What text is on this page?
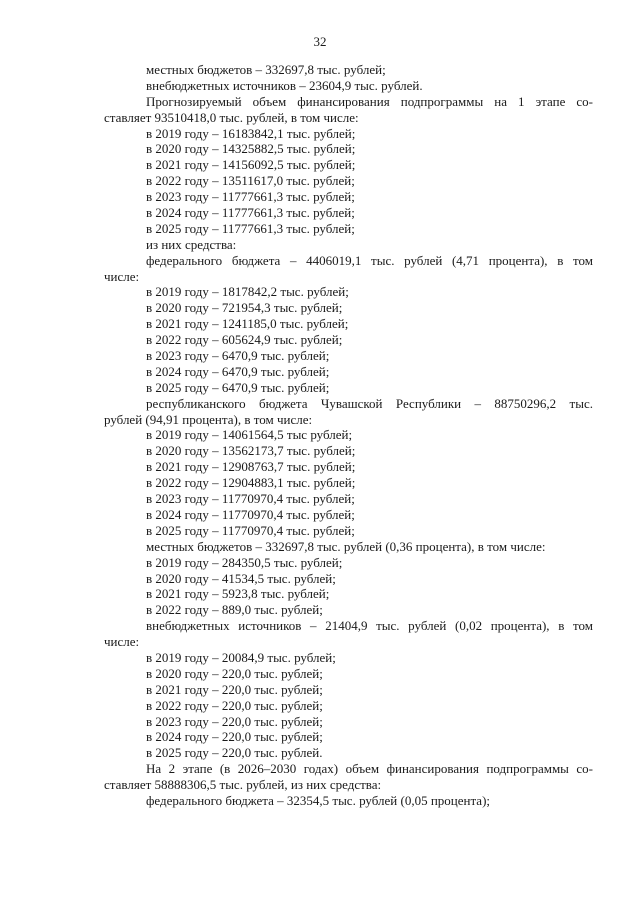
32
местных бюджетов – 332697,8 тыс. рублей;
внебюджетных источников – 23604,9 тыс. рублей.
Прогнозируемый объем финансирования подпрограммы на 1 этапе со-
ставляет 93510418,0 тыс. рублей, в том числе:
в 2019 году – 16183842,1 тыс. рублей;
в 2020 году – 14325882,5 тыс. рублей;
в 2021 году – 14156092,5 тыс. рублей;
в 2022 году – 13511617,0 тыс. рублей;
в 2023 году – 11777661,3 тыс. рублей;
в 2024 году – 11777661,3 тыс. рублей;
в 2025 году – 11777661,3 тыс. рублей;
из них средства:
федерального бюджета – 4406019,1 тыс. рублей (4,71 процента), в том
числе:
в 2019 году – 1817842,2 тыс. рублей;
в 2020 году – 721954,3 тыс. рублей;
в 2021 году – 1241185,0 тыс. рублей;
в 2022 году – 605624,9 тыс. рублей;
в 2023 году – 6470,9 тыс. рублей;
в 2024 году – 6470,9 тыс. рублей;
в 2025 году – 6470,9 тыс. рублей;
республиканского бюджета Чувашской Республики – 88750296,2 тыс.
рублей (94,91 процента), в том числе:
в 2019 году – 14061564,5 тыс рублей;
в 2020 году – 13562173,7 тыс. рублей;
в 2021 году – 12908763,7 тыс. рублей;
в 2022 году – 12904883,1 тыс. рублей;
в 2023 году – 11770970,4 тыс. рублей;
в 2024 году – 11770970,4 тыс. рублей;
в 2025 году – 11770970,4 тыс. рублей;
местных бюджетов – 332697,8 тыс. рублей (0,36 процента), в том числе:
в 2019 году – 284350,5 тыс. рублей;
в 2020 году – 41534,5 тыс. рублей;
в 2021 году – 5923,8 тыс. рублей;
в 2022 году – 889,0 тыс. рублей;
внебюджетных источников – 21404,9 тыс. рублей (0,02 процента), в том
числе:
в 2019 году – 20084,9 тыс. рублей;
в 2020 году – 220,0 тыс. рублей;
в 2021 году – 220,0 тыс. рублей;
в 2022 году – 220,0 тыс. рублей;
в 2023 году – 220,0 тыс. рублей;
в 2024 году – 220,0 тыс. рублей;
в 2025 году – 220,0 тыс. рублей.
На 2 этапе (в 2026–2030 годах) объем финансирования подпрограммы со-
ставляет 58888306,5 тыс. рублей, из них средства:
федерального бюджета – 32354,5 тыс. рублей (0,05 процента);
